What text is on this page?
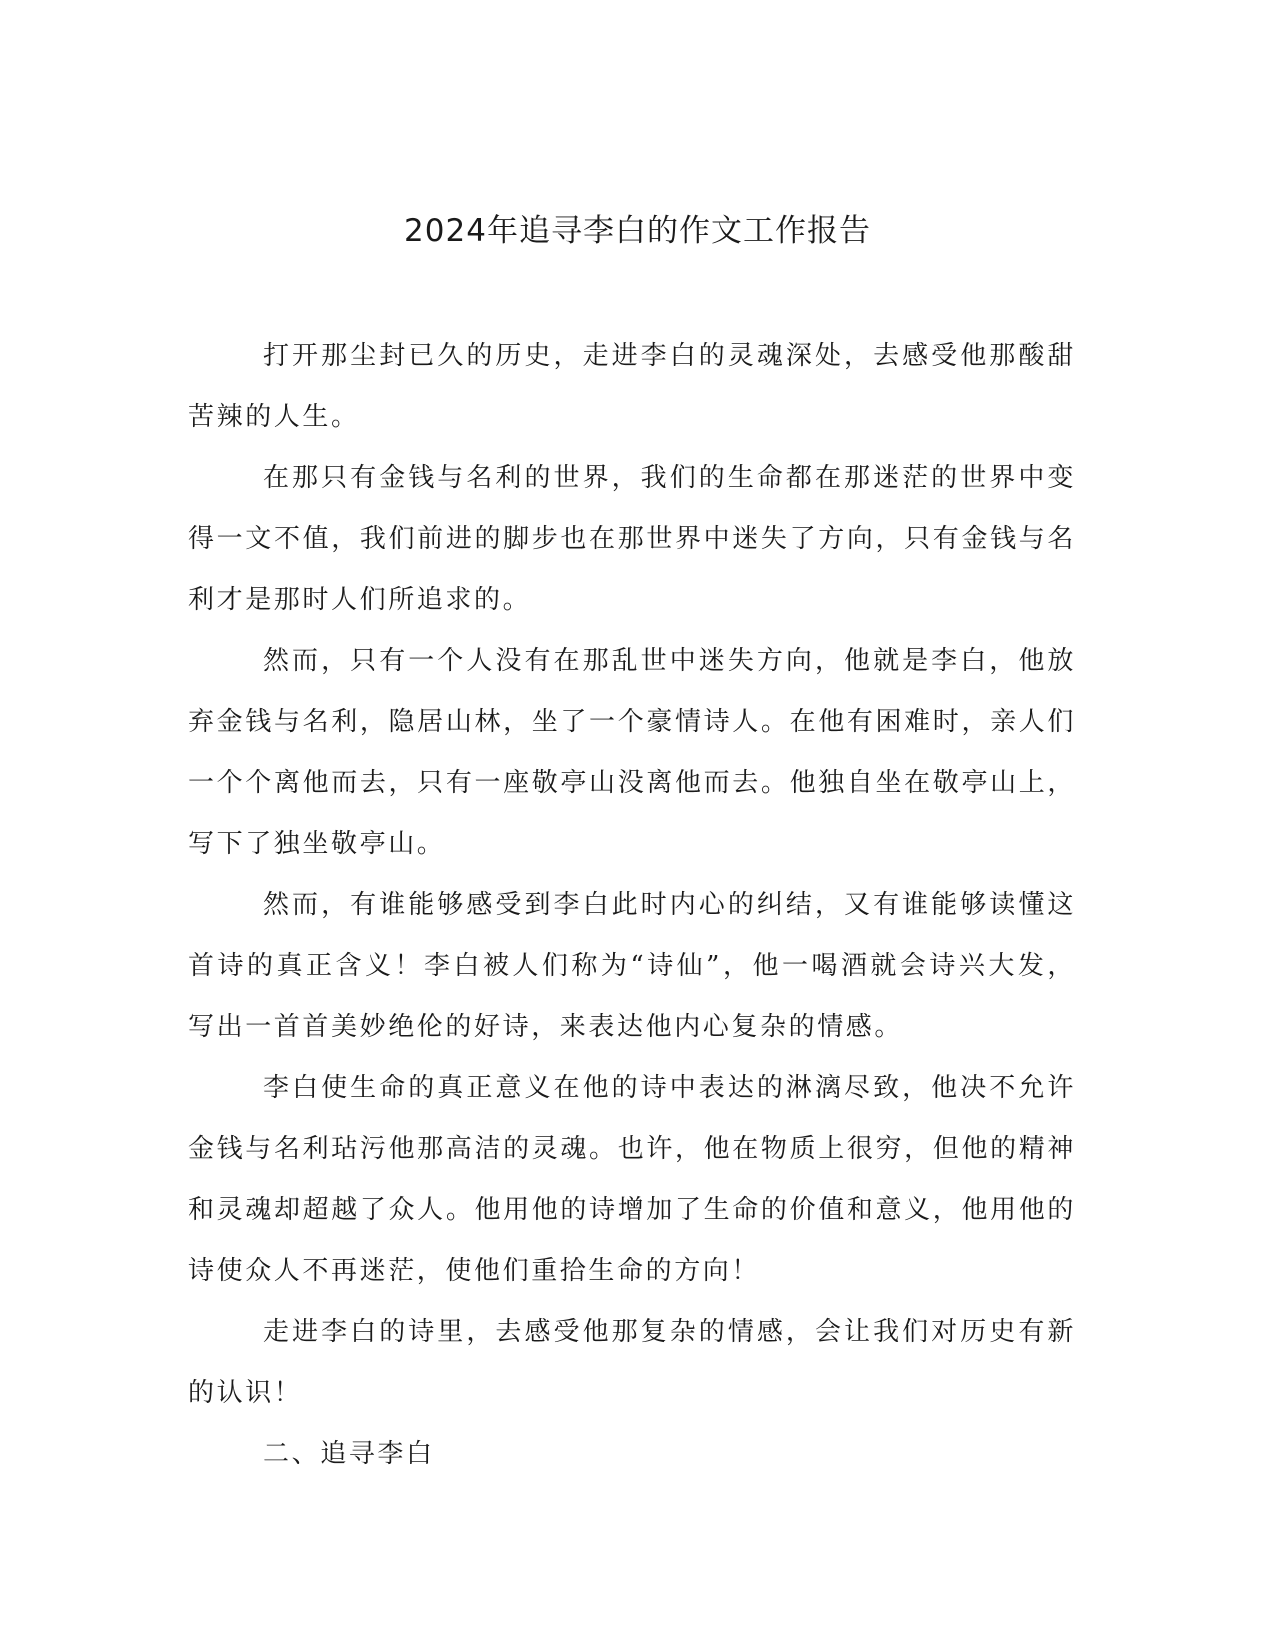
2024年追寻李白的作文工作报告

打开那尘封已久的历史，走进李白的灵魂深处，去感受他那酸甜苦辣的人生。

在那只有金钱与名利的世界，我们的生命都在那迷茫的世界中变得一文不值，我们前进的脚步也在那世界中迷失了方向，只有金钱与名利才是那时人们所追求的。

然而，只有一个人没有在那乱世中迷失方向，他就是李白，他放弃金钱与名利，隐居山林，坐了一个豪情诗人。在他有困难时，亲人们一个个离他而去，只有一座敬亭山没离他而去。他独自坐在敬亭山上，写下了独坐敬亭山。

然而，有谁能够感受到李白此时内心的纠结，又有谁能够读懂这首诗的真正含义！李白被人们称为“诗仙”，他一喝酒就会诗兴大发，写出一首首美妙绝伦的好诗，来表达他内心复杂的情感。

李白使生命的真正意义在他的诗中表达的淋漓尽致，他决不允许金钱与名利玷污他那高洁的灵魂。也许，他在物质上很穷，但他的精神和灵魂却超越了众人。他用他的诗增加了生命的价值和意义，他用他的诗使众人不再迷茫，使他们重拾生命的方向！

走进李白的诗里，去感受他那复杂的情感，会让我们对历史有新的认识！

二、追寻李白
